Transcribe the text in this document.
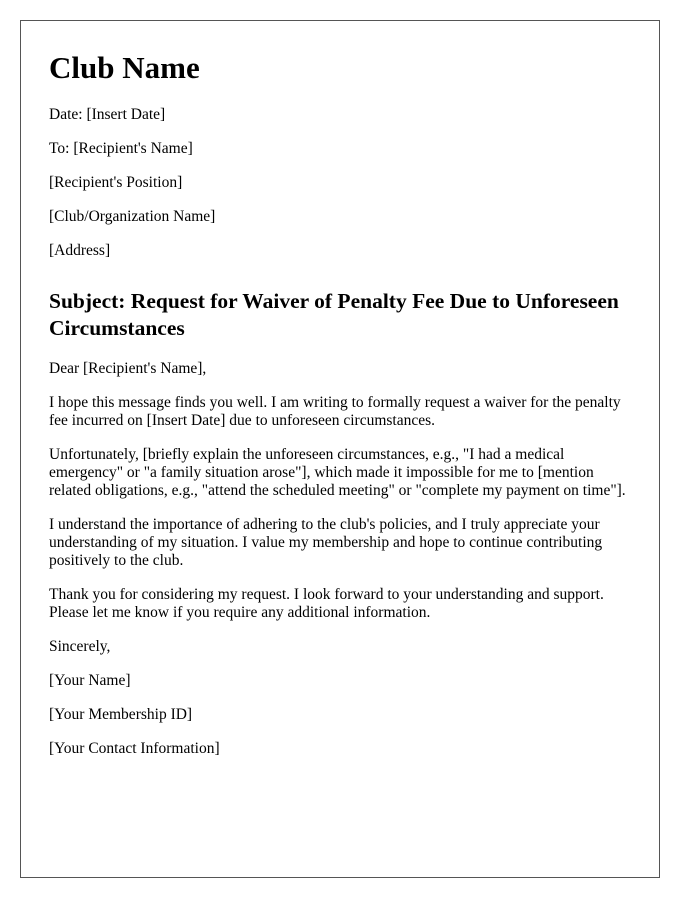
Club Name

Date: [Insert Date]

To: [Recipient's Name]

[Recipient's Position]

[Club/Organization Name]

[Address]

Subject: Request for Waiver of Penalty Fee Due to Unforeseen Circumstances

Dear [Recipient's Name],

I hope this message finds you well. I am writing to formally request a waiver for the penalty fee incurred on [Insert Date] due to unforeseen circumstances.

Unfortunately, [briefly explain the unforeseen circumstances, e.g., "I had a medical emergency" or "a family situation arose"], which made it impossible for me to [mention related obligations, e.g., "attend the scheduled meeting" or "complete my payment on time"].

I understand the importance of adhering to the club's policies, and I truly appreciate your understanding of my situation. I value my membership and hope to continue contributing positively to the club.

Thank you for considering my request. I look forward to your understanding and support. Please let me know if you require any additional information.

Sincerely,

[Your Name]

[Your Membership ID]

[Your Contact Information]
